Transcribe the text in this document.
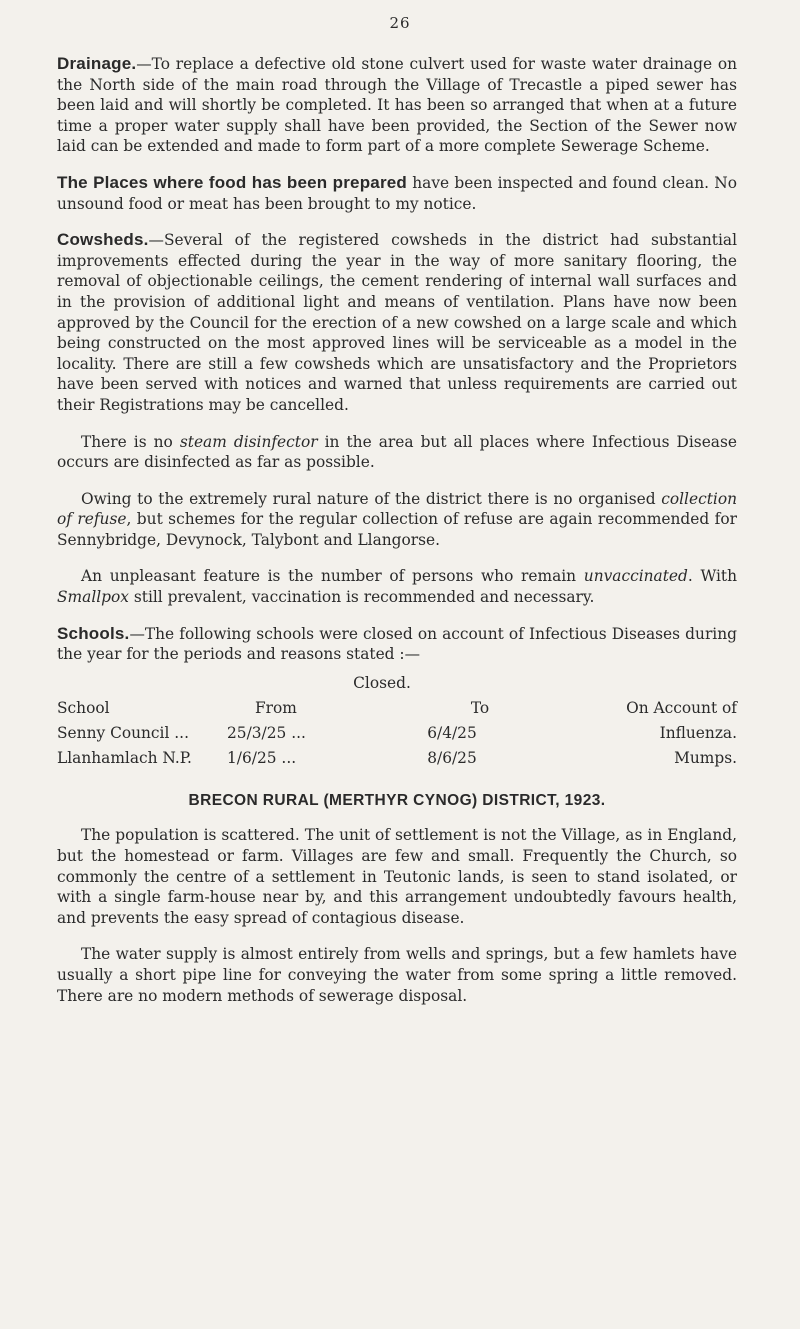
26

Drainage.—To replace a defective old stone culvert used for waste water drainage on the North side of the main road through the Village of Trecastle a piped sewer has been laid and will shortly be completed. It has been so arranged that when at a future time a proper water supply shall have been provided, the Section of the Sewer now laid can be extended and made to form part of a more complete Sewerage Scheme.

The Places where food has been prepared have been inspected and found clean. No unsound food or meat has been brought to my notice.

Cowsheds.—Several of the registered cowsheds in the district had substantial improvements effected during the year in the way of more sanitary flooring, the removal of objectionable ceilings, the cement rendering of internal wall surfaces and in the provision of additional light and means of ventilation. Plans have now been approved by the Council for the erection of a new cowshed on a large scale and which being constructed on the most approved lines will be serviceable as a model in the locality. There are still a few cowsheds which are unsatisfactory and the Proprietors have been served with notices and warned that unless requirements are carried out their Registrations may be cancelled.

There is no steam disinfector in the area but all places where Infectious Disease occurs are disinfected as far as possible.

Owing to the extremely rural nature of the district there is no organised collection of refuse, but schemes for the regular collection of refuse are again recommended for Sennybridge, Devynock, Talybont and Llangorse.

An unpleasant feature is the number of persons who remain unvaccinated. With Smallpox still prevalent, vaccination is recommended and necessary.

Schools.—The following schools were closed on account of Infectious Diseases during the year for the periods and reasons stated :—

Closed.
School	From	To	On Account of
Senny Council ...	25/3/25 ...	6/4/25	Influenza.
Llanhamlach N.P.	1/6/25 ...	8/6/25	Mumps.
BRECON RURAL (MERTHYR CYNOG) DISTRICT, 1923.

The population is scattered. The unit of settlement is not the Village, as in England, but the homestead or farm. Villages are few and small. Frequently the Church, so commonly the centre of a settlement in Teutonic lands, is seen to stand isolated, or with a single farm-house near by, and this arrangement undoubtedly favours health, and prevents the easy spread of contagious disease.

The water supply is almost entirely from wells and springs, but a few hamlets have usually a short pipe line for conveying the water from some spring a little removed. There are no modern methods of sewerage disposal.
